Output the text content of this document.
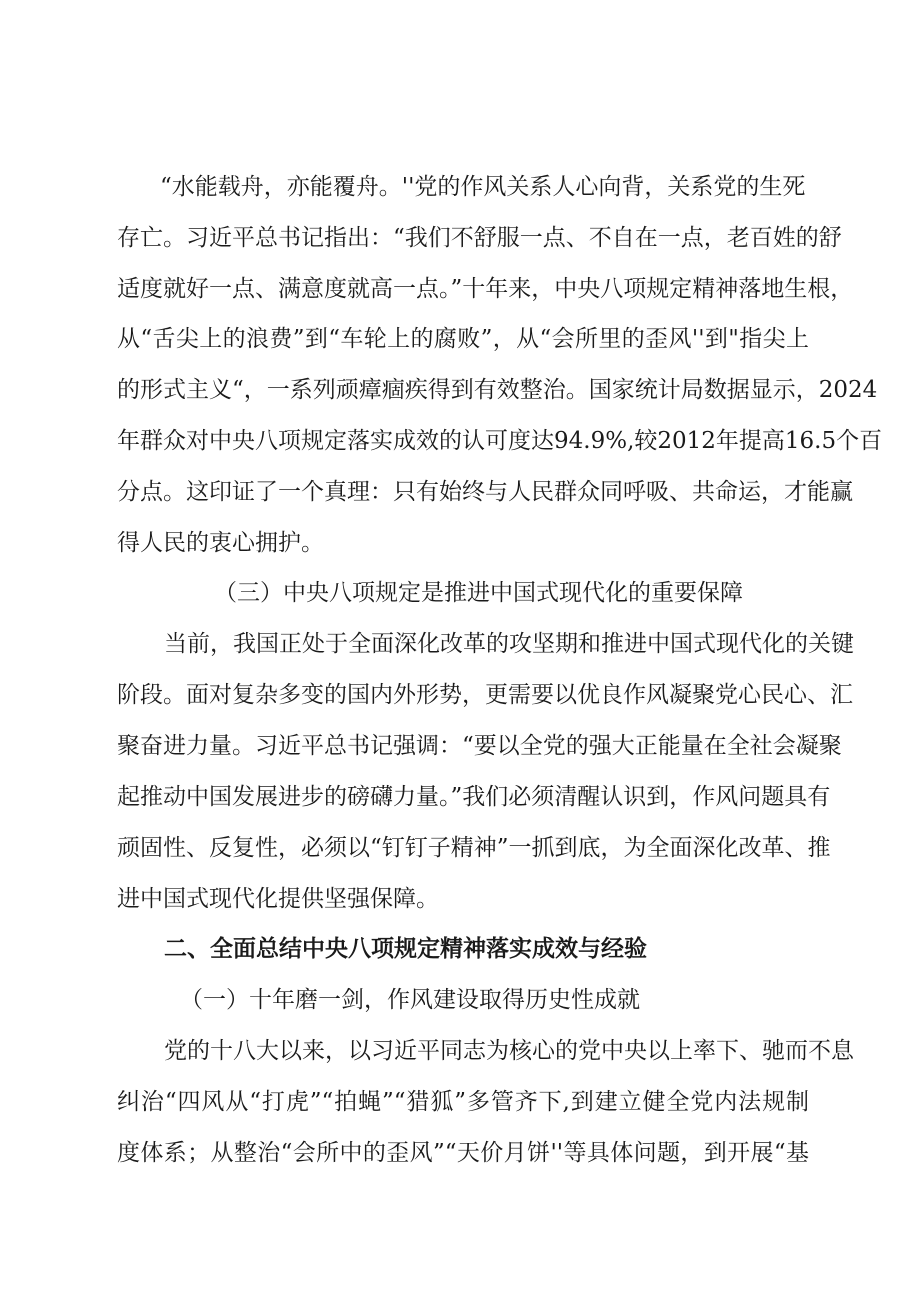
“水能载舟，亦能覆舟。''党的作风关系人心向背，关系党的生死
存亡。习近平总书记指出：“我们不舒服一点、不自在一点，老百姓的舒
适度就好一点、满意度就高一点。”十年来，中央八项规定精神落地生根，
从“舌尖上的浪费”到“车轮上的腐败”，从“会所里的歪风''到"指尖上
的形式主义“，一系列顽瘴痼疾得到有效整治。国家统计局数据显示，2024
年群众对中央八项规定落实成效的认可度达94.9%,较2012年提高16.5个百
分点。这印证了一个真理：只有始终与人民群众同呼吸、共命运，才能赢
得人民的衷心拥护。
（三）中央八项规定是推进中国式现代化的重要保障
当前，我国正处于全面深化改革的攻坚期和推进中国式现代化的关键
阶段。面对复杂多变的国内外形势，更需要以优良作风凝聚党心民心、汇
聚奋进力量。习近平总书记强调：“要以全党的强大正能量在全社会凝聚
起推动中国发展进步的磅礴力量。”我们必须清醒认识到，作风问题具有
顽固性、反复性，必须以“钉钉子精神”一抓到底，为全面深化改革、推
进中国式现代化提供坚强保障。
二、全面总结中央八项规定精神落实成效与经验
（一）十年磨一剑，作风建设取得历史性成就
党的十八大以来，以习近平同志为核心的党中央以上率下、驰而不息
纠治“四风从“打虎”“拍蝇”“猎狐”多管齐下,到建立健全党内法规制
度体系；从整治“会所中的歪风”“天价月饼''等具体问题，到开展“基
